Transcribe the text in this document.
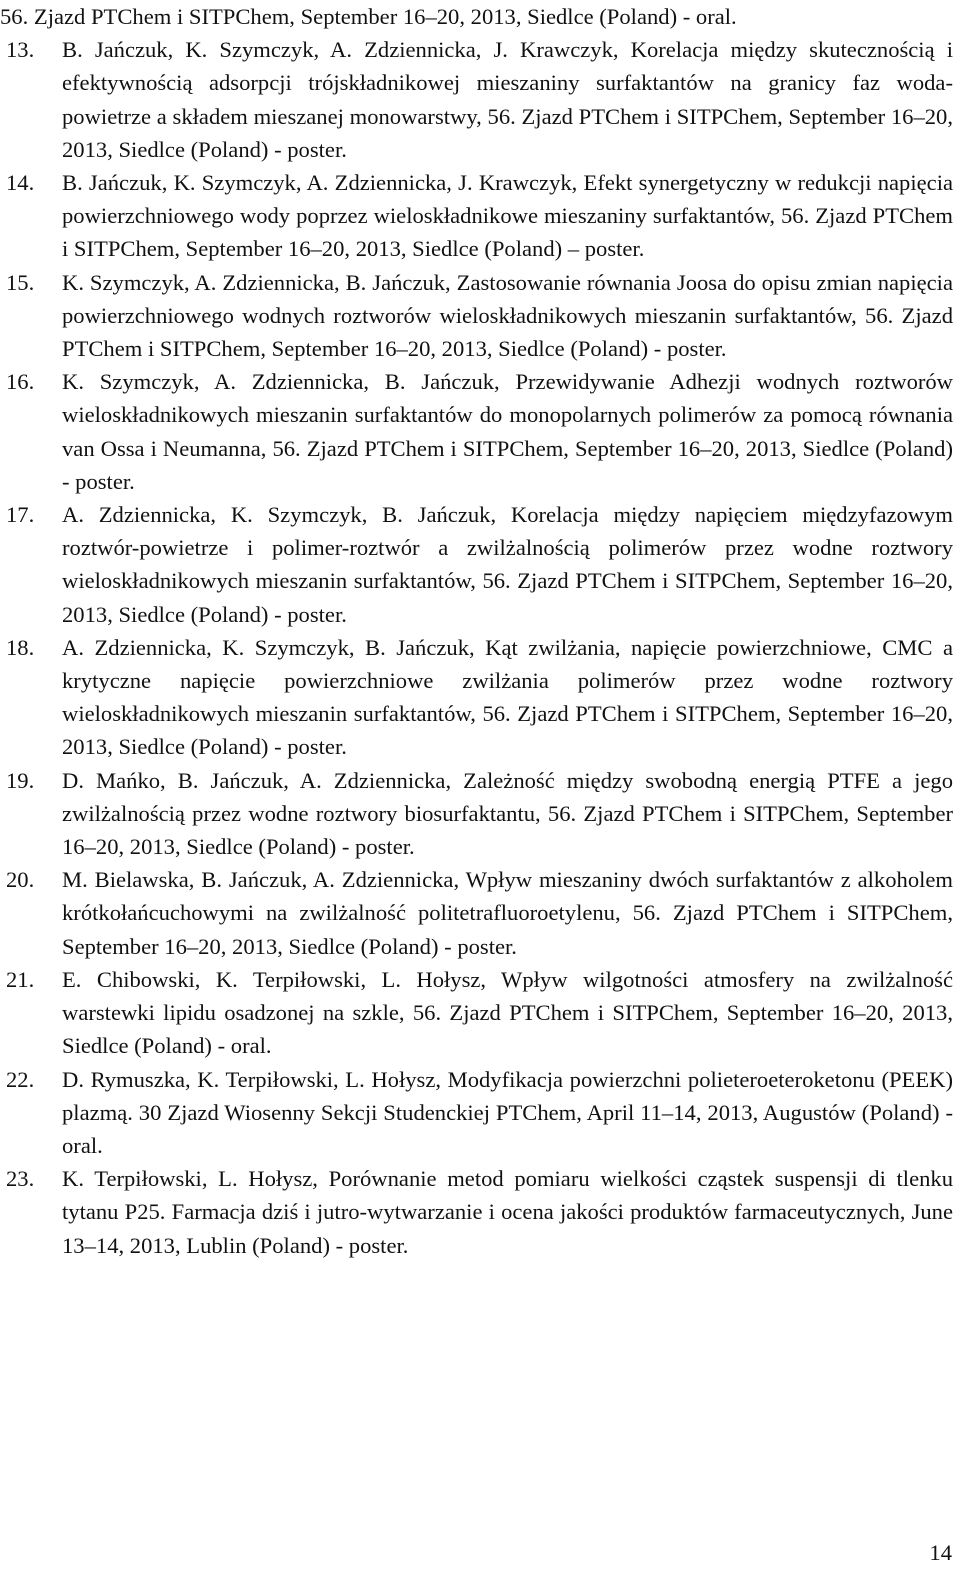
56. Zjazd PTChem i SITPChem, September 16–20, 2013, Siedlce (Poland) - oral.
13.	B. Jańczuk, K. Szymczyk, A. Zdziennicka, J. Krawczyk, Korelacja między skutecznością i efektywnością adsorpcji trójskładnikowej mieszaniny surfaktantów na granicy faz woda-powietrze a składem mieszanej monowarstwy, 56. Zjazd PTChem i SITPChem, September 16–20, 2013, Siedlce (Poland) - poster.
14.	B. Jańczuk, K. Szymczyk, A. Zdziennicka, J. Krawczyk, Efekt synergetyczny w redukcji napięcia powierzchniowego wody poprzez wieloskładnikowe mieszaniny surfaktantów, 56. Zjazd PTChem i SITPChem, September 16–20, 2013, Siedlce (Poland) – poster.
15.	K. Szymczyk, A. Zdziennicka, B. Jańczuk, Zastosowanie równania Joosa do opisu zmian napięcia powierzchniowego wodnych roztworów wieloskładnikowych mieszanin surfaktantów, 56. Zjazd PTChem i SITPChem, September 16–20, 2013, Siedlce (Poland) - poster.
16.	K. Szymczyk, A. Zdziennicka, B. Jańczuk, Przewidywanie Adhezji wodnych roztworów wieloskładnikowych mieszanin surfaktantów do monopolarnych polimerów za pomocą równania van Ossa i Neumanna, 56. Zjazd PTChem i SITPChem, September 16–20, 2013, Siedlce (Poland) - poster.
17.	A. Zdziennicka, K. Szymczyk, B. Jańczuk, Korelacja między napięciem międzyfazowym roztwór-powietrze i polimer-roztwór a zwilżalnością polimerów przez wodne roztwory wieloskładnikowych mieszanin surfaktantów, 56. Zjazd PTChem i SITPChem, September 16–20, 2013, Siedlce (Poland) - poster.
18.	A. Zdziennicka, K. Szymczyk, B. Jańczuk, Kąt zwilżania, napięcie powierzchniowe, CMC a krytyczne napięcie powierzchniowe zwilżania polimerów przez wodne roztwory wieloskładnikowych mieszanin surfaktantów, 56. Zjazd PTChem i SITPChem, September 16–20, 2013, Siedlce (Poland) - poster.
19.	D. Mańko, B. Jańczuk, A. Zdziennicka, Zależność między swobodną energią PTFE a jego zwilżalnością przez wodne roztwory biosurfaktantu, 56. Zjazd PTChem i SITPChem, September 16–20, 2013, Siedlce (Poland) - poster.
20.	M. Bielawska, B. Jańczuk, A. Zdziennicka, Wpływ mieszaniny dwóch surfaktantów z alkoholem krótkołańcuchowymi na zwilżalność politetrafluoroetylenu, 56. Zjazd PTChem i SITPChem, September 16–20, 2013, Siedlce (Poland) - poster.
21.	E. Chibowski, K. Terpiłowski, L. Hołysz, Wpływ wilgotności atmosfery na zwilżalność warstewki lipidu osadzonej na szkle, 56. Zjazd PTChem i SITPChem, September 16–20, 2013, Siedlce (Poland) - oral.
22.	D. Rymuszka, K. Terpiłowski, L. Hołysz, Modyfikacja powierzchni polieteroeteroketonu (PEEK) plazmą. 30 Zjazd Wiosenny Sekcji Studenckiej PTChem, April 11–14, 2013, Augustów (Poland) - oral.
23.	K. Terpiłowski, L. Hołysz, Porównanie metod pomiaru wielkości cząstek suspensji di tlenku tytanu P25. Farmacja dziś i jutro-wytwarzanie i ocena jakości produktów farmaceutycznych, June 13–14, 2013, Lublin (Poland) - poster.
14
